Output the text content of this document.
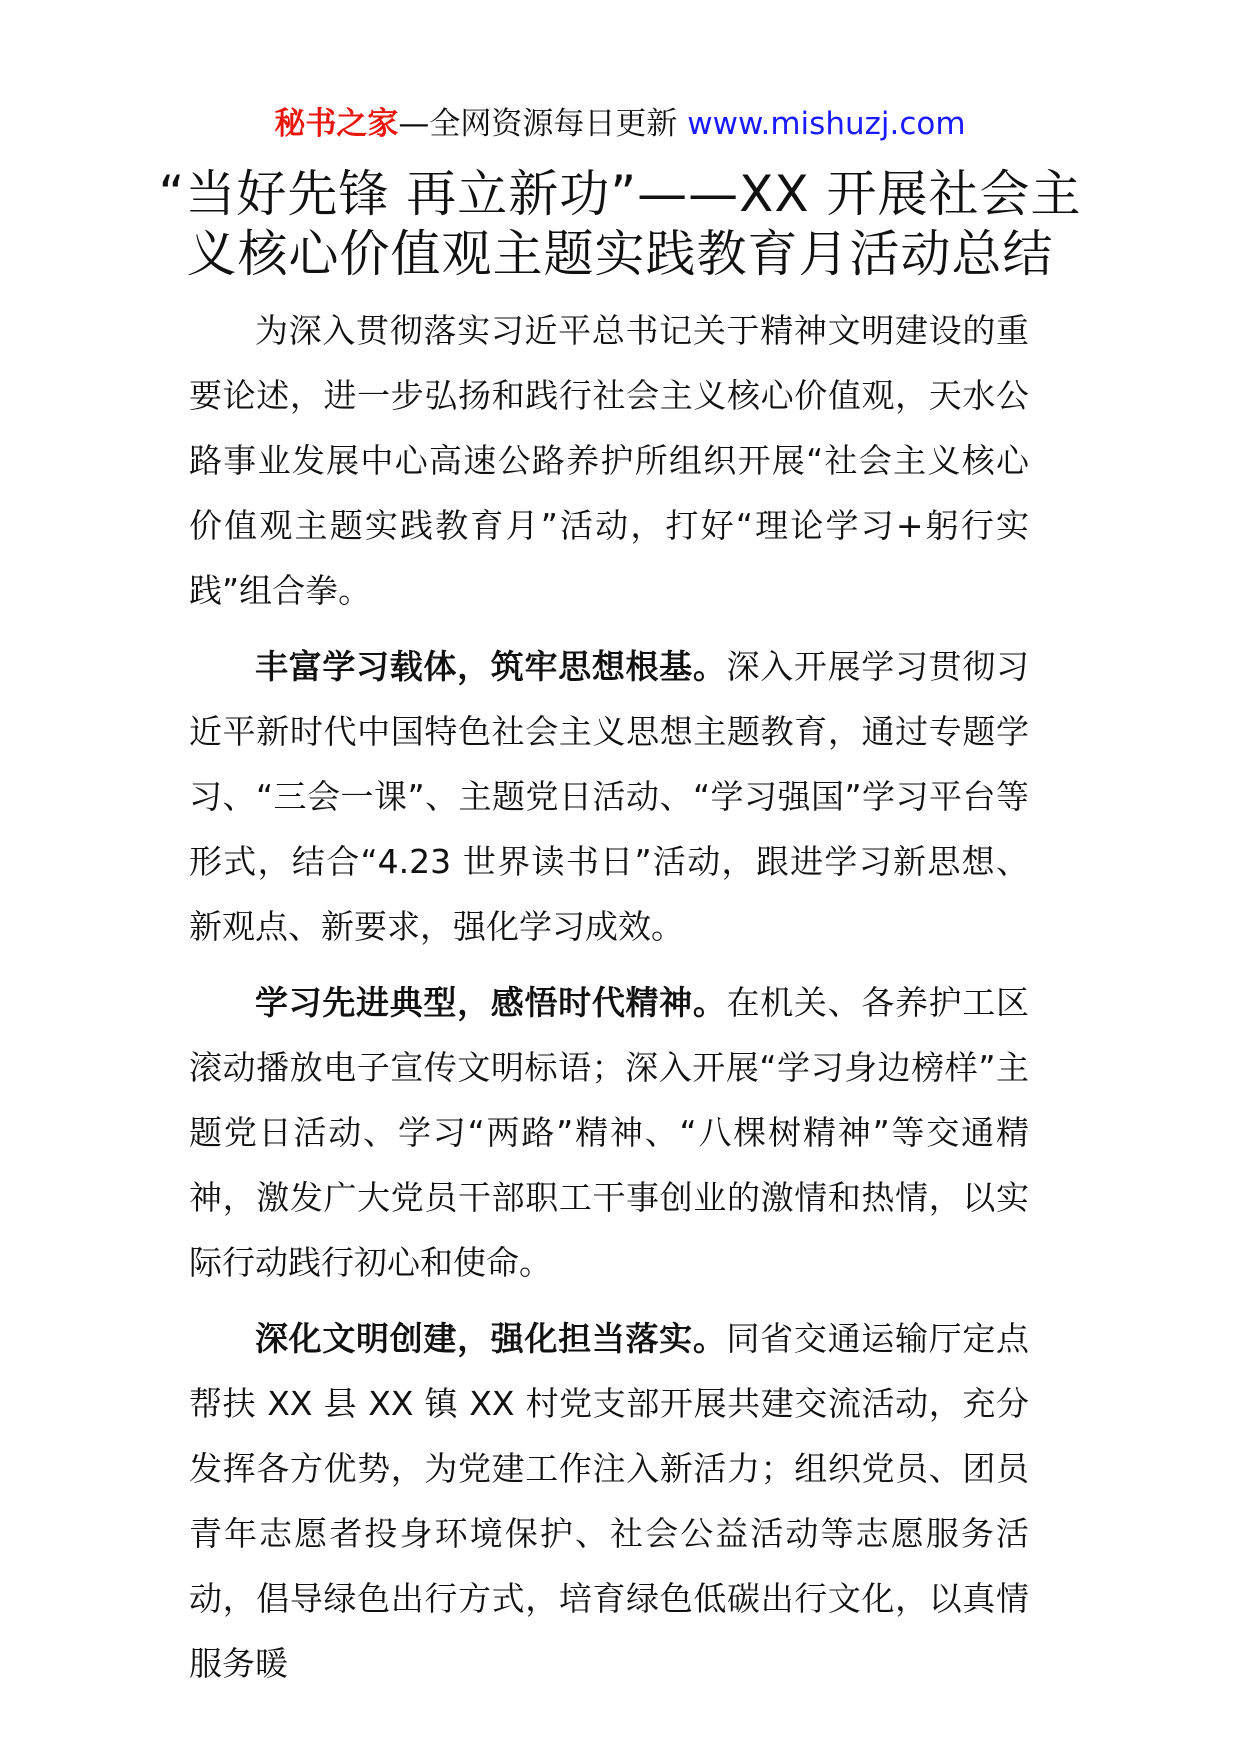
秘书之家—全网资源每日更新 www.mishuzj.com
“当好先锋 再立新功”——XX 开展社会主义核心价值观主题实践教育月活动总结

为深入贯彻落实习近平总书记关于精神文明建设的重要论述，进一步弘扬和践行社会主义核心价值观，天水公路事业发展中心高速公路养护所组织开展“社会主义核心价值观主题实践教育月”活动，打好“理论学习+躬行实践”组合拳。

丰富学习载体，筑牢思想根基。深入开展学习贯彻习近平新时代中国特色社会主义思想主题教育，通过专题学习、“三会一课”、主题党日活动、“学习强国”学习平台等形式，结合“4.23 世界读书日”活动，跟进学习新思想、新观点、新要求，强化学习成效。

学习先进典型，感悟时代精神。在机关、各养护工区滚动播放电子宣传文明标语；深入开展“学习身边榜样”主题党日活动、学习“两路”精神、“八棵树精神”等交通精神，激发广大党员干部职工干事创业的激情和热情，以实际行动践行初心和使命。

深化文明创建，强化担当落实。同省交通运输厅定点帮扶 XX 县 XX 镇 XX 村党支部开展共建交流活动，充分发挥各方优势，为党建工作注入新活力；组织党员、团员青年志愿者投身环境保护、社会公益活动等志愿服务活动，倡导绿色出行方式，培育绿色低碳出行文化，以真情服务暖
